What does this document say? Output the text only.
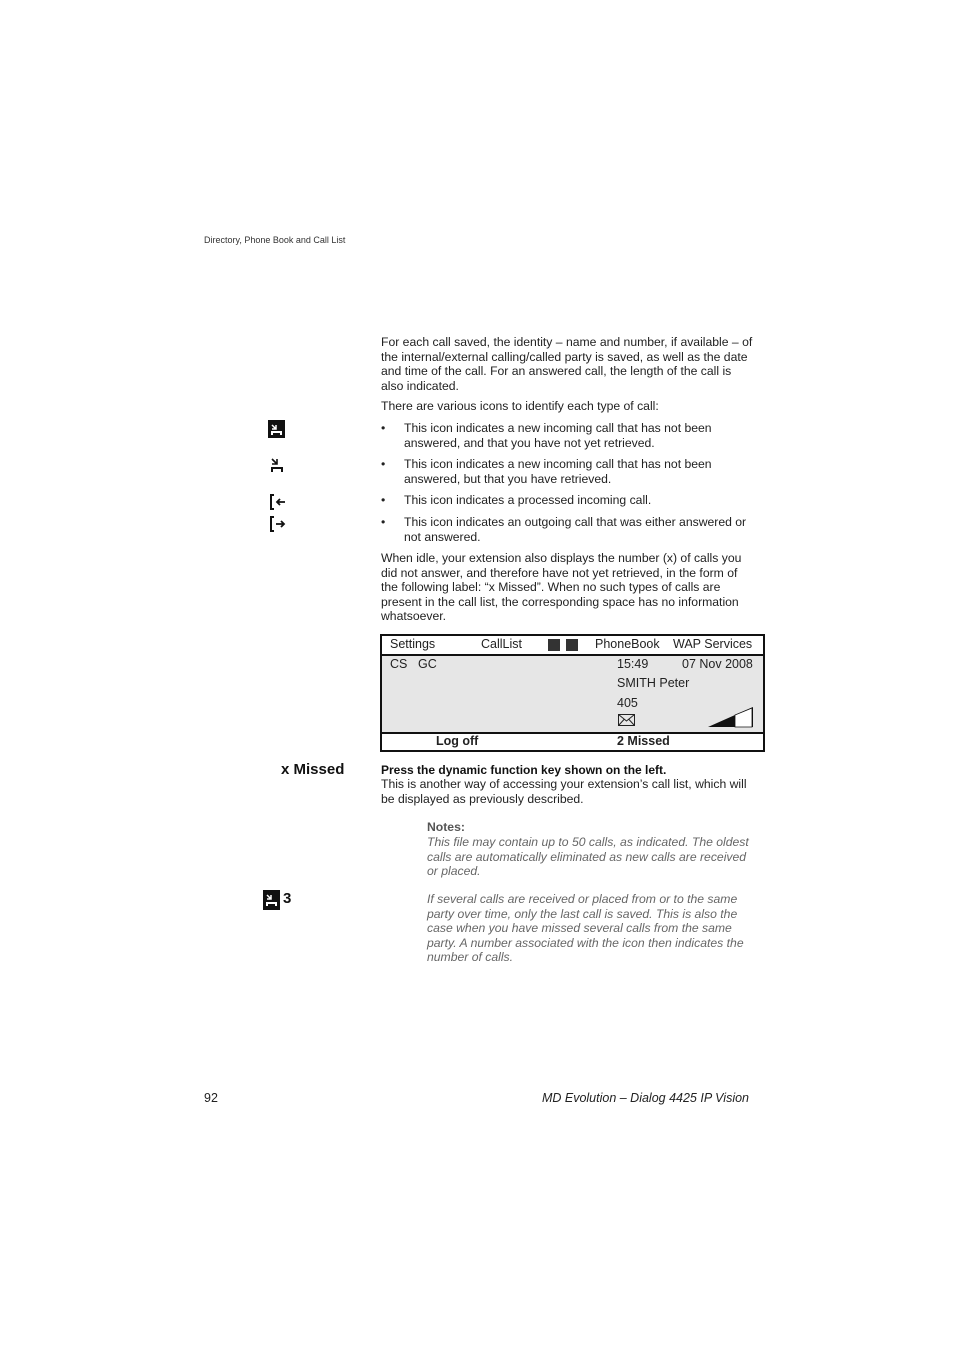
Directory, Phone Book and Call List
For each call saved, the identity – name and number, if available – of the internal/external calling/called party is saved, as well as the date and time of the call. For an answered call, the length of the call is also indicated.
There are various icons to identify each type of call:
• This icon indicates a new incoming call that has not been answered, and that you have not yet retrieved.
• This icon indicates a new incoming call that has not been answered, but that you have retrieved.
• This icon indicates a processed incoming call.
• This icon indicates an outgoing call that was either answered or not answered.
When idle, your extension also displays the number (x) of calls you did not answer, and therefore have not yet retrieved, in the form of the following label: “x Missed”. When no such types of calls are present in the call list, the corresponding space has no information whatsoever.
Settings	CallList	PhoneBook WAP Services
CS GC	15:49	07 Nov 2008
SMITH Peter
405
Log off	2 Missed
x Missed	Press the dynamic function key shown on the left.
This is another way of accessing your extension’s call list, which will be displayed as previously described.
Notes:
This file may contain up to 50 calls, as indicated. The oldest calls are automatically eliminated as new calls are received or placed.
3	If several calls are received or placed from or to the same party over time, only the last call is saved. This is also the case when you have missed several calls from the same party. A number associated with the icon then indicates the number of calls.
92	MD Evolution – Dialog 4425 IP Vision
